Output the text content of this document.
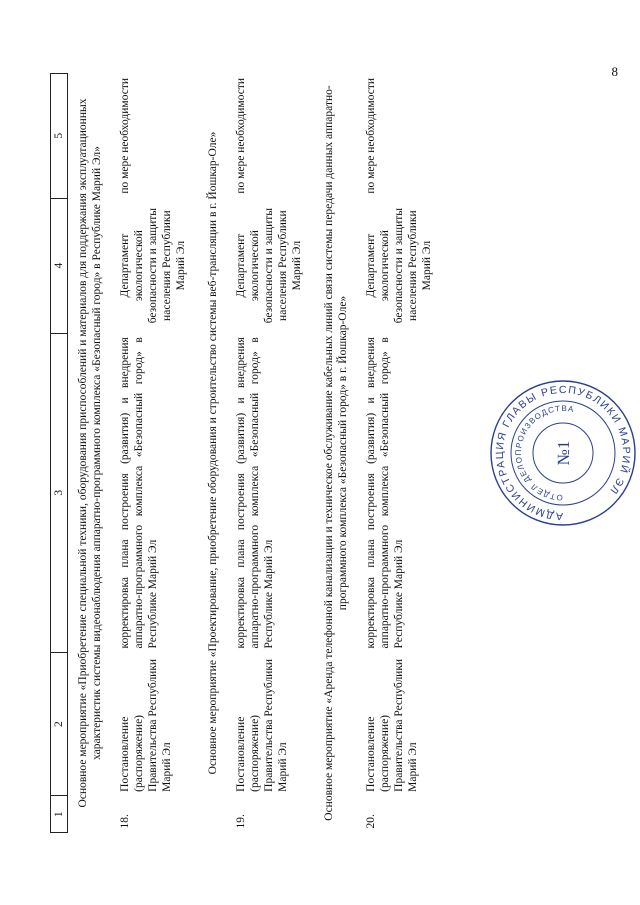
8
1	2	3	4	5
Основное мероприятие «Приобретение специальной техники, оборудования приспособлений и материалов для поддержания эксплуатационных характеристик системы видеонаблюдения аппаратно-программного комплекса «Безопасный город» в Республике Марий Эл»				
18.	Постановление (распоряжение) Правительства Республики Марий Эл	корректировка плана построения (развития) и внедрения аппаратно-программного комплекса «Безопасный город» в Республике Марий Эл	Департамент экологической безопасности и защиты населения Республики Марий Эл	по мере необходимости
Основное мероприятие «Проектирование, приобретение оборудования и строительство системы веб-трансляции в г. Йошкар-Оле»				
19.	Постановление (распоряжение) Правительства Республики Марий Эл	корректировка плана построения (развития) и внедрения аппаратно-программного комплекса «Безопасный город» в Республике Марий Эл	Департамент экологической безопасности и защиты населения Республики Марий Эл	по мере необходимости
Основное мероприятие «Аренда телефонной канализации и техническое обслуживание кабельных линий связи системы передачи данных аппаратно-программного комплекса «Безопасный город» в г. Йошкар-Оле»				
20.	Постановление (распоряжение) Правительства Республики Марий Эл	корректировка плана построения (развития) и внедрения аппаратно-программного комплекса «Безопасный город» в Республике Марий Эл	Департамент экологической безопасности и защиты населения Республики Марий Эл	по мере необходимости
АДМИНИСТРАЦИЯ ГЛАВЫ РЕСПУБЛИКИ МАРИЙ ЭЛ
ОТДЕЛ ДЕЛОПРОИЗВОДСТВА
№1
